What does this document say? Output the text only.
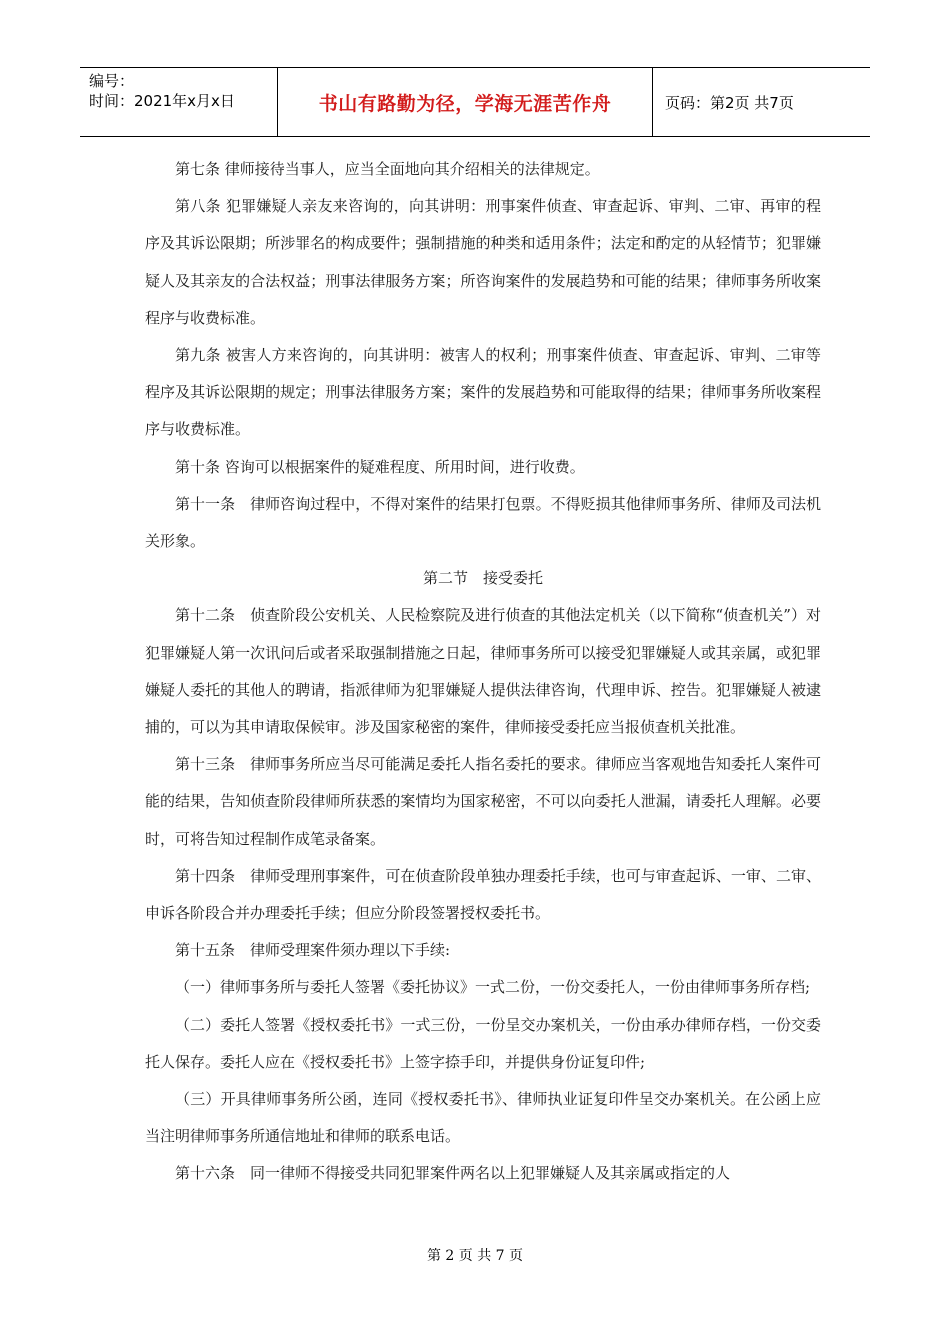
编号：
时间：2021年x月x日	书山有路勤为径，学海无涯苦作舟	页码：第2页 共7页

第七条 律师接待当事人，应当全面地向其介绍相关的法律规定。

第八条 犯罪嫌疑人亲友来咨询的，向其讲明：刑事案件侦查、审查起诉、审判、二审、再审的程序及其诉讼限期；所涉罪名的构成要件；强制措施的种类和适用条件；法定和酌定的从轻情节；犯罪嫌疑人及其亲友的合法权益；刑事法律服务方案；所咨询案件的发展趋势和可能的结果；律师事务所收案程序与收费标准。

第九条 被害人方来咨询的，向其讲明：被害人的权利；刑事案件侦查、审查起诉、审判、二审等程序及其诉讼限期的规定；刑事法律服务方案；案件的发展趋势和可能取得的结果；律师事务所收案程序与收费标准。

第十条 咨询可以根据案件的疑难程度、所用时间，进行收费。

第十一条　律师咨询过程中，不得对案件的结果打包票。不得贬损其他律师事务所、律师及司法机关形象。

第二节　接受委托

第十二条　侦查阶段公安机关、人民检察院及进行侦查的其他法定机关（以下简称“侦查机关”）对犯罪嫌疑人第一次讯问后或者采取强制措施之日起，律师事务所可以接受犯罪嫌疑人或其亲属，或犯罪嫌疑人委托的其他人的聘请，指派律师为犯罪嫌疑人提供法律咨询，代理申诉、控告。犯罪嫌疑人被逮捕的，可以为其申请取保候审。涉及国家秘密的案件，律师接受委托应当报侦查机关批准。

第十三条　律师事务所应当尽可能满足委托人指名委托的要求。律师应当客观地告知委托人案件可能的结果，告知侦查阶段律师所获悉的案情均为国家秘密，不可以向委托人泄漏，请委托人理解。必要时，可将告知过程制作成笔录备案。

第十四条　律师受理刑事案件，可在侦查阶段单独办理委托手续，也可与审查起诉、一审、二审、申诉各阶段合并办理委托手续；但应分阶段签署授权委托书。

第十五条　律师受理案件须办理以下手续:

（一）律师事务所与委托人签署《委托协议》一式二份，一份交委托人，一份由律师事务所存档;

（二）委托人签署《授权委托书》一式三份，一份呈交办案机关，一份由承办律师存档，一份交委托人保存。委托人应在《授权委托书》上签字捺手印，并提供身份证复印件;

（三）开具律师事务所公函，连同《授权委托书》、律师执业证复印件呈交办案机关。在公函上应当注明律师事务所通信地址和律师的联系电话。

第十六条　同一律师不得接受共同犯罪案件两名以上犯罪嫌疑人及其亲属或指定的人

第 2 页 共 7 页
